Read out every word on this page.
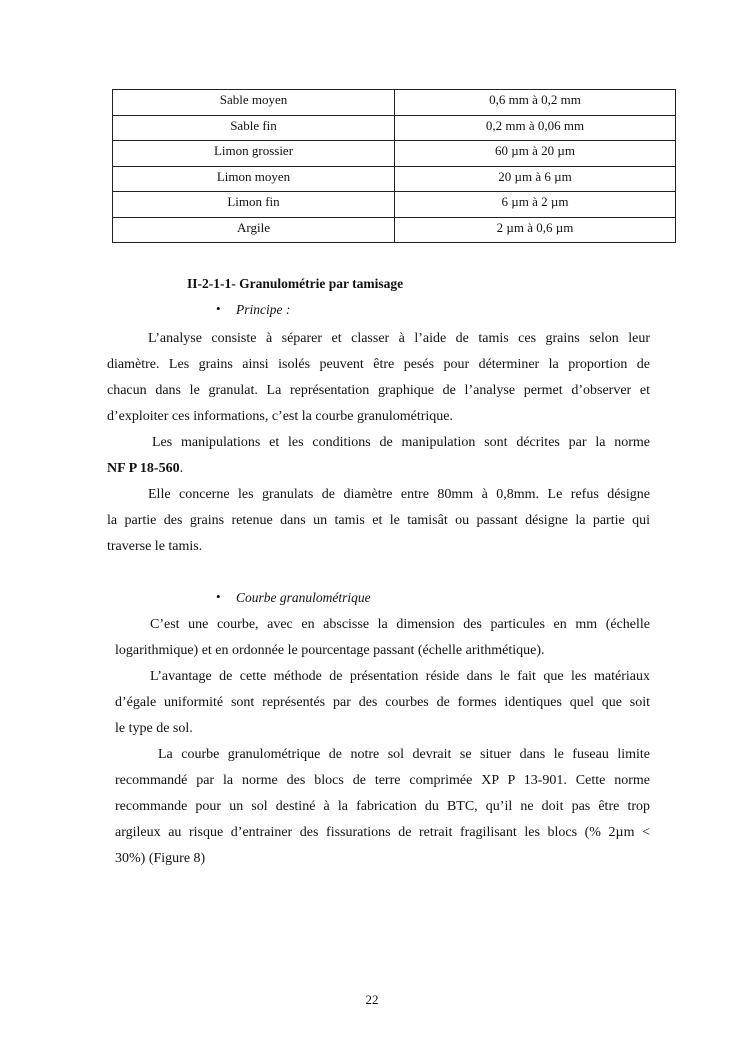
Sable moyen	0,6 mm à 0,2 mm
Sable fin	0,2 mm à 0,06 mm
Limon grossier	60 µm à 20 µm
Limon moyen	20 µm à 6 µm
Limon fin	6 µm à 2 µm
Argile	2 µm à 0,6 µm
II-2-1-1- Granulométrie par tamisage
• Principe :
L’analyse consiste à séparer et classer à l’aide de tamis ces grains selon leur
diamètre. Les grains ainsi isolés peuvent être pesés pour déterminer la proportion de
chacun dans le granulat. La représentation graphique de l’analyse permet d’observer et
d’exploiter ces informations, c’est la courbe granulométrique.
Les manipulations et les conditions de manipulation sont décrites par la norme
NF P 18-560.
Elle concerne les granulats de diamètre entre 80mm à 0,8mm. Le refus désigne
la partie des grains retenue dans un tamis et le tamisât ou passant désigne la partie qui
traverse le tamis.
• Courbe granulométrique
C’est une courbe, avec en abscisse la dimension des particules en mm (échelle
logarithmique) et en ordonnée le pourcentage passant (échelle arithmétique).
L’avantage de cette méthode de présentation réside dans le fait que les matériaux
d’égale uniformité sont représentés par des courbes de formes identiques quel que soit
le type de sol.
La courbe granulométrique de notre sol devrait se situer dans le fuseau limite
recommandé par la norme des blocs de terre comprimée XP P 13-901. Cette norme
recommande pour un sol destiné à la fabrication du BTC, qu’il ne doit pas être trop
argileux au risque d’entrainer des fissurations de retrait fragilisant les blocs (% 2µm <
30%) (Figure 8)
22
